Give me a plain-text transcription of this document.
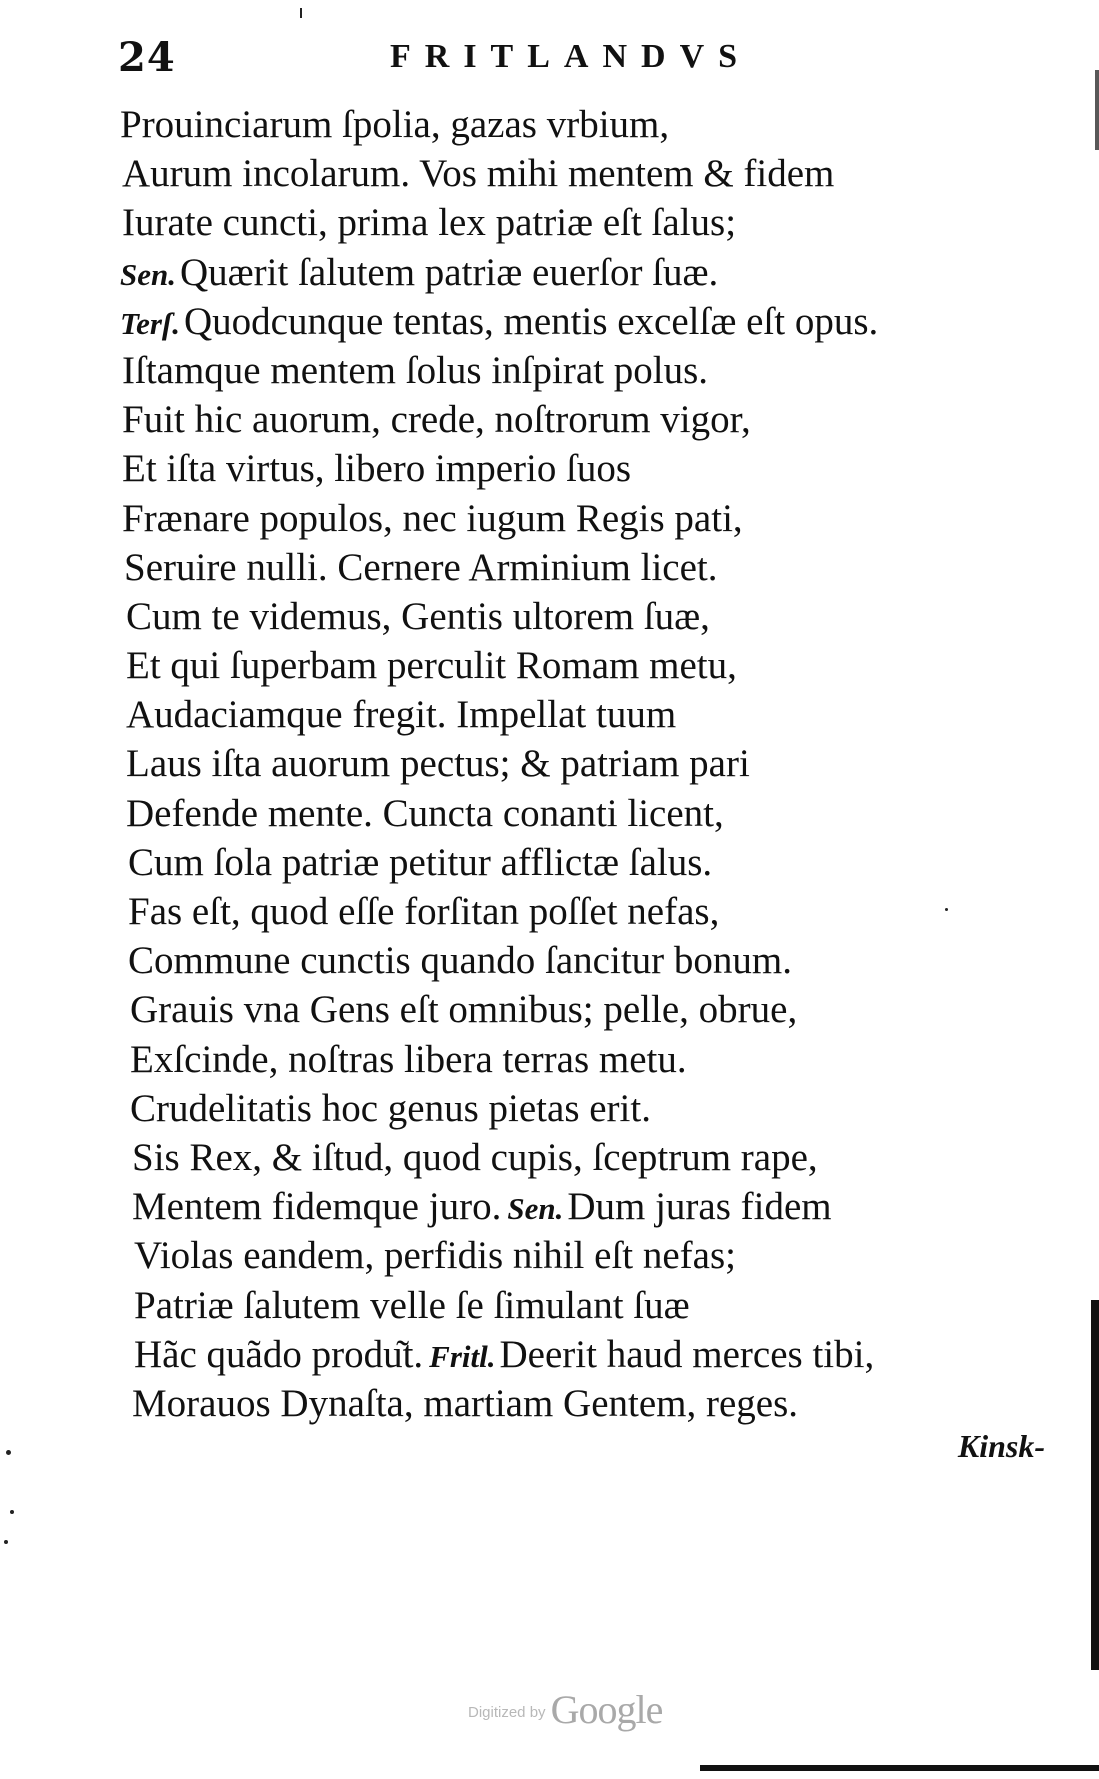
24	FRITLANDVS
Prouinciarum ſpolia, gazas vrbium,
Aurum incolarum. Vos mihi mentem & fidem
Iurate cuncti, prima lex patriæ eſt ſalus;
Sen. Quærit ſalutem patriæ euerſor ſuæ.
Terſ. Quodcunque tentas, mentis excelſæ eſt opus.
Iſtamque mentem ſolus inſpirat polus.
Fuit hic auorum, crede, noſtrorum vigor,
Et iſta virtus, libero imperio ſuos
Frænare populos, nec iugum Regis pati,
Seruire nulli. Cernere Arminium licet.
Cum te videmus, Gentis ultorem ſuæ,
Et qui ſuperbam perculit Romam metu,
Audaciamque fregit. Impellat tuum
Laus iſta auorum pectus; & patriam pari
Defende mente. Cuncta conanti licent,
Cum ſola patriæ petitur afflictæ ſalus.
Fas eſt, quod eſſe forſitan poſſet nefas,
Commune cunctis quando ſancitur bonum.
Grauis vna Gens eſt omnibus; pelle, obrue,
Exſcinde, noſtras libera terras metu.
Crudelitatis hoc genus pietas erit.
Sis Rex, & iſtud, quod cupis, ſceptrum rape,
Mentem fidemque juro. Sen. Dum juras fidem
Violas eandem, perfidis nihil eſt nefas;
Patriæ ſalutem velle ſe ſimulant ſuæ
Hãc quãdo produ͂t. Fritl. Deerit haud merces tibi,
Morauos Dynaſta, martiam Gentem, reges.
Kinsk-
Digitized by Google
